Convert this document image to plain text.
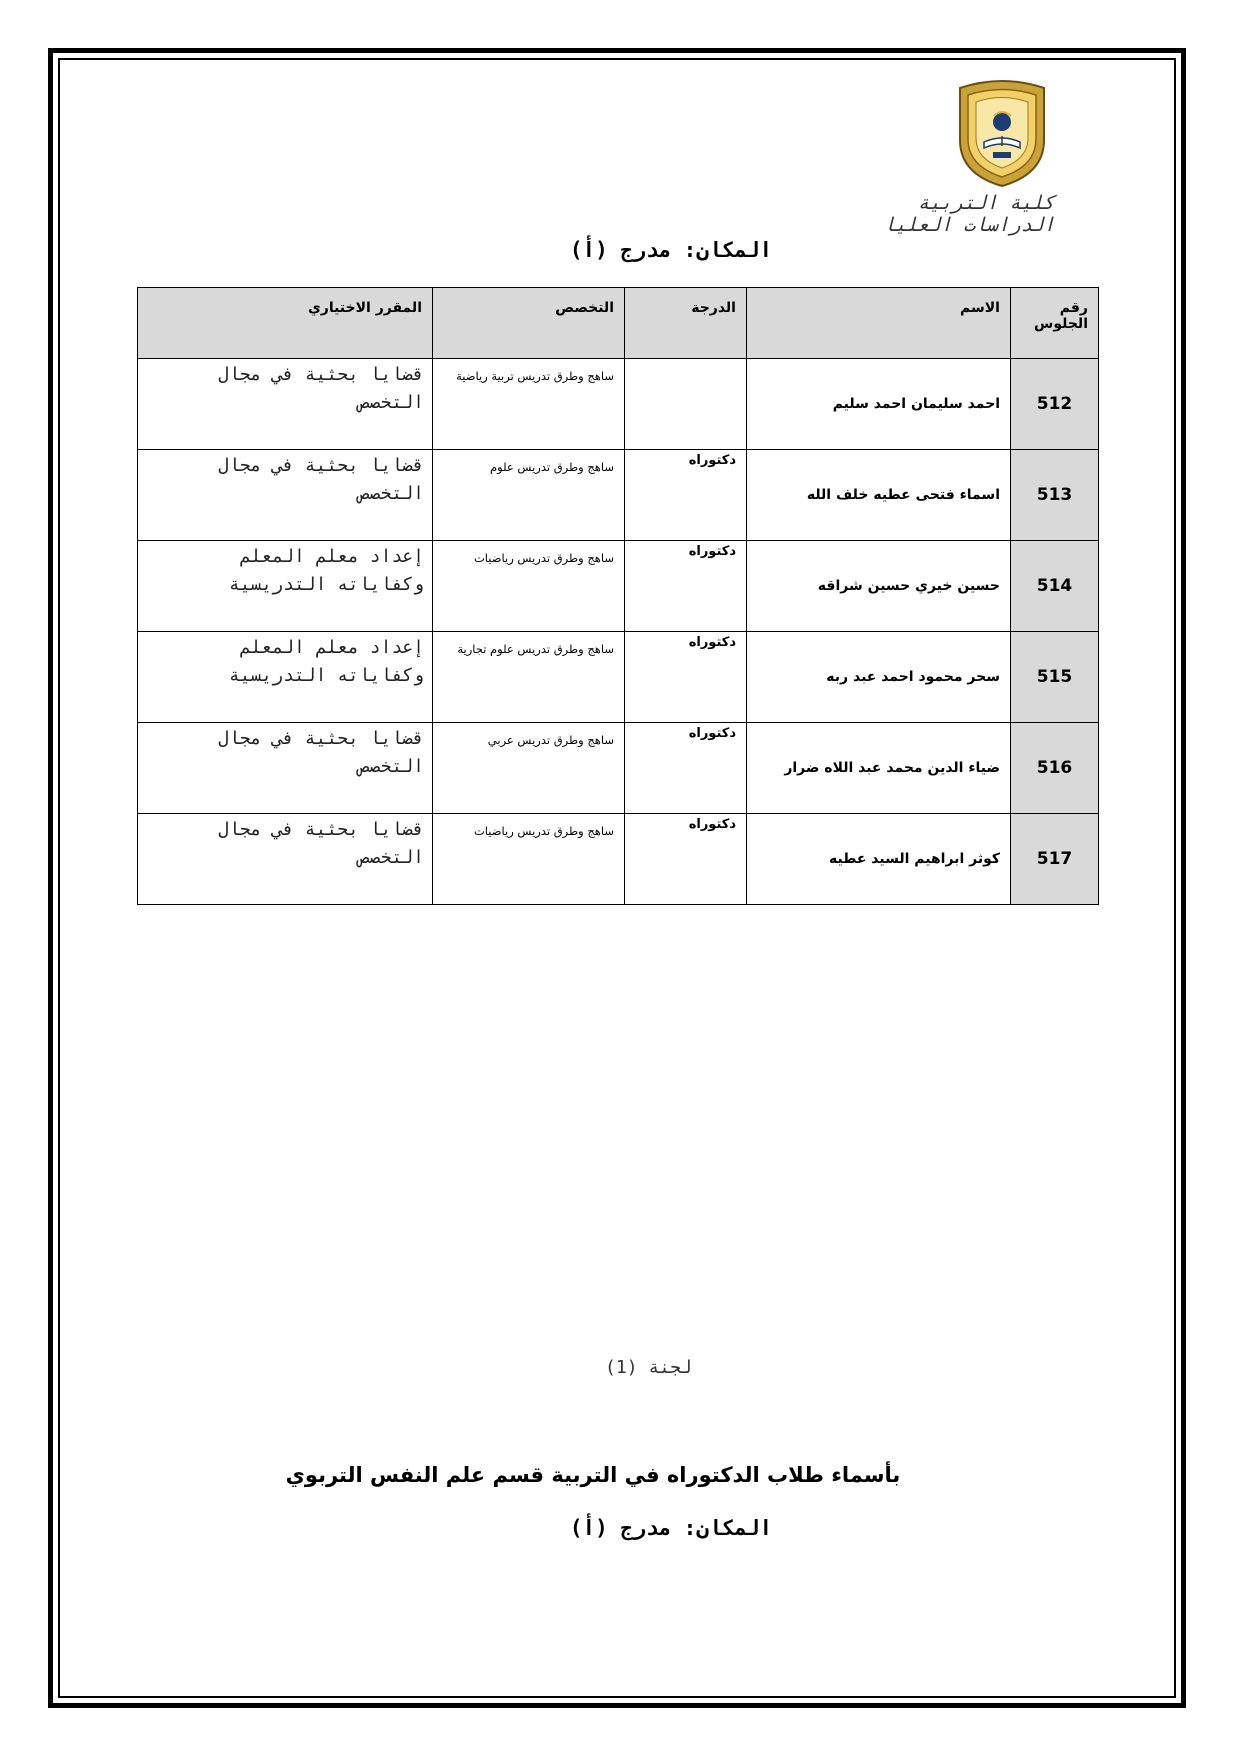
كلية التربية
الدراسات العليا
المكان: مدرج (أ)
رقم الجلوس	الاسم	الدرجة	التخصص	المقرر الاختياري
512	احمد سليمان احمد سليم		ساهج وطرق تدريس تربية رياضية	قضايا بحثية في مجال التخصص
513	اسماء فتحى عطيه خلف الله	دكتوراه	ساهج وطرق تدريس علوم	قضايا بحثية في مجال التخصص
514	حسين خيري حسين شراقه	دكتوراه	ساهج وطرق تدريس رياضيات	إعداد معلم المعلم وكفاياته التدريسية
515	سحر محمود احمد عبد ربه	دكتوراه	ساهج وطرق تدريس علوم تجارية	إعداد معلم المعلم وكفاياته التدريسية
516	ضياء الدين محمد عبد اللاه ضرار	دكتوراه	ساهج وطرق تدريس عربي	قضايا بحثية في مجال التخصص
517	كوثر ابراهيم السيد عطيه	دكتوراه	ساهج وطرق تدريس رياضيات	قضايا بحثية في مجال التخصص
لجنة (1)
بأسماء طلاب الدكتوراه في التربية قسم علم النفس التربوي
المكان: مدرج (أ)
